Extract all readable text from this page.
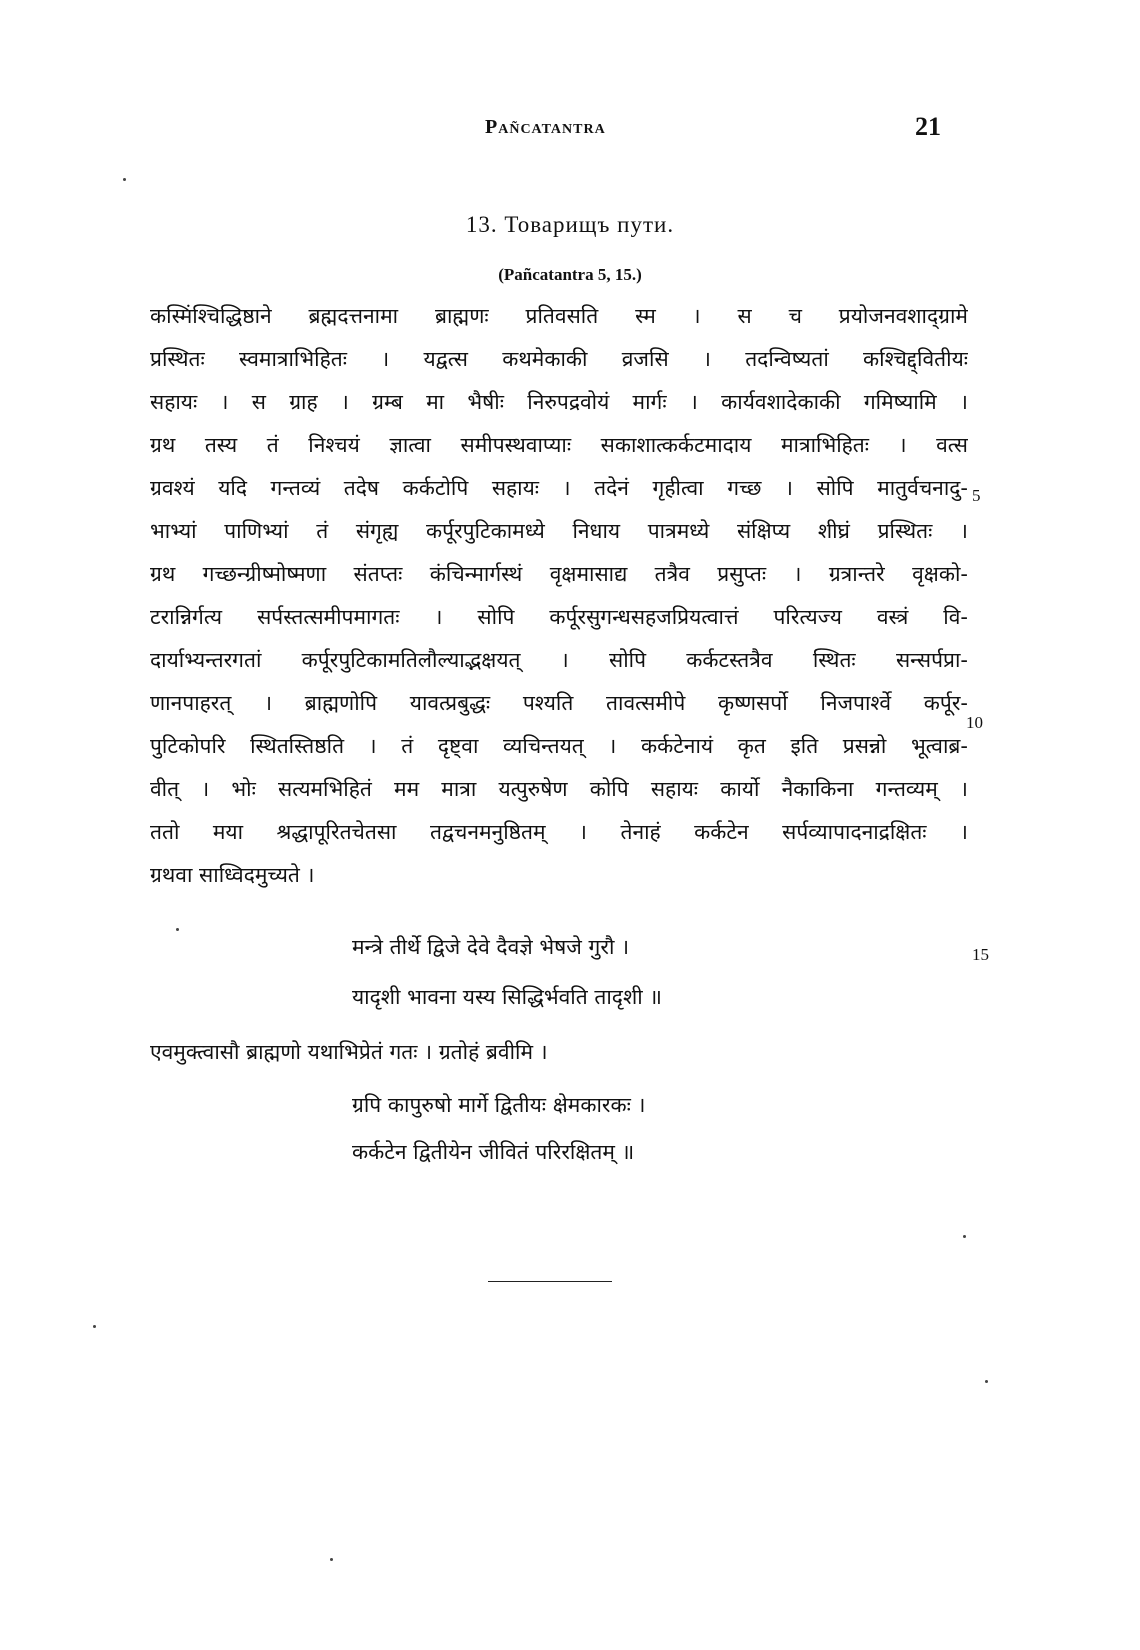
Pañcatantra	21
13. Товарищъ пути.
(Pañcatantra 5, 15.)
कस्मिंश्चिद्धिष्ठाने ब्रह्मदत्तनामा ब्राह्मणः प्रतिवसति स्म । स च प्रयोजनवशाद्ग्रामे
प्रस्थितः स्वमात्राभिहितः । यद्वत्स कथमेकाकी व्रजसि । तदन्विष्यतां कश्चिद्द्वितीयः
सहायः । स ग्राह । ग्रम्ब मा भैषीः निरुपद्रवोयं मार्गः । कार्यवशादेकाकी गमिष्यामि ।
ग्रथ तस्य तं निश्चयं ज्ञात्वा समीपस्थवाप्याः सकाशात्कर्कटमादाय मात्राभिहितः । वत्स
ग्रवश्यं यदि गन्तव्यं तदेष कर्कटोपि सहायः । तदेनं गृहीत्वा गच्छ । सोपि मातुर्वचनादु-
भाभ्यां पाणिभ्यां तं संगृह्य कर्पूरपुटिकामध्ये निधाय पात्रमध्ये संक्षिप्य शीघ्रं प्रस्थितः ।
ग्रथ गच्छन्ग्रीष्मोष्मणा संतप्तः कंचिन्मार्गस्थं वृक्षमासाद्य तत्रैव प्रसुप्तः । ग्रत्रान्तरे वृक्षको-
टरान्निर्गत्य सर्पस्तत्समीपमागतः । सोपि कर्पूरसुगन्धसहजप्रियत्वात्तं परित्यज्य वस्त्रं वि-
दार्याभ्यन्तरगतां कर्पूरपुटिकामतिलौल्याद्भक्षयत् । सोपि कर्कटस्तत्रैव स्थितः सन्सर्पप्रा-
णानपाहरत् । ब्राह्मणोपि यावत्प्रबुद्धः पश्यति तावत्समीपे कृष्णसर्पो निजपार्श्वे कर्पूर-
पुटिकोपरि स्थितस्तिष्ठति । तं दृष्ट्वा व्यचिन्तयत् । कर्कटेनायं कृत इति प्रसन्नो भूत्वाब्र-
वीत् । भोः सत्यमभिहितं मम मात्रा यत्पुरुषेण कोपि सहायः कार्यो नैकाकिना गन्तव्यम् ।
ततो मया श्रद्धापूरितचेतसा तद्वचनमनुष्ठितम् । तेनाहं कर्कटेन सर्पव्यापादनाद्रक्षितः ।
ग्रथवा साध्विदमुच्यते ।
5
10
15
मन्त्रे तीर्थे द्विजे देवे दैवज्ञे भेषजे गुरौ ।
यादृशी भावना यस्य सिद्धिर्भवति तादृशी ॥
एवमुक्त्वासौ ब्राह्मणो यथाभिप्रेतं गतः । ग्रतोहं ब्रवीमि ।
ग्रपि कापुरुषो मार्गे द्वितीयः क्षेमकारकः ।
कर्कटेन द्वितीयेन जीवितं परिरक्षितम् ॥
